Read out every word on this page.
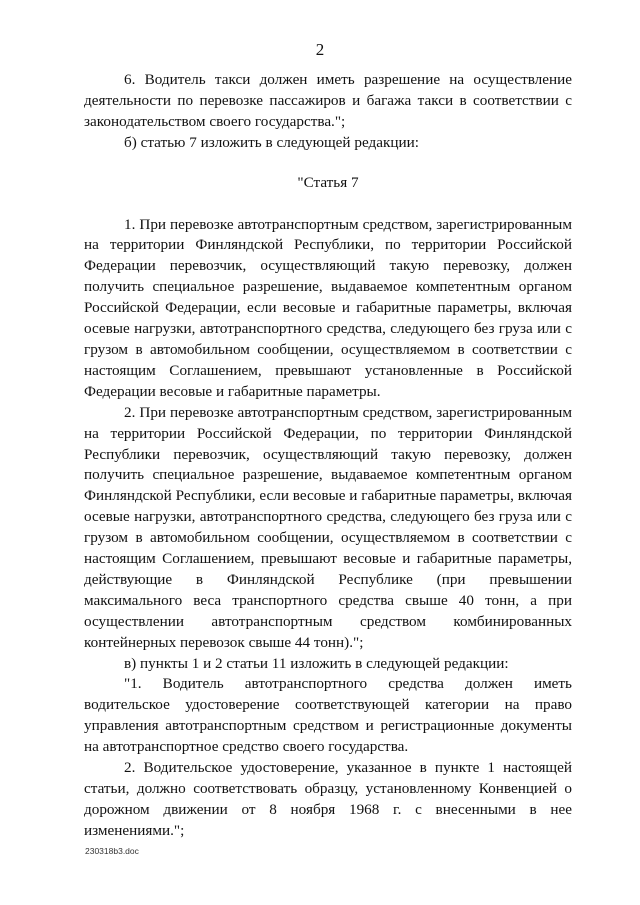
2

6. Водитель такси должен иметь разрешение на осуществление деятельности по перевозке пассажиров и багажа такси в соответствии с законодательством своего государства.";

б) статью 7 изложить в следующей редакции:

"Статья 7

1. При перевозке автотранспортным средством, зарегистрированным на территории Финляндской Республики, по территории Российской Федерации перевозчик, осуществляющий такую перевозку, должен получить специальное разрешение, выдаваемое компетентным органом Российской Федерации, если весовые и габаритные параметры, включая осевые нагрузки, автотранспортного средства, следующего без груза или с грузом в автомобильном сообщении, осуществляемом в соответствии с настоящим Соглашением, превышают установленные в Российской Федерации весовые и габаритные параметры.

2. При перевозке автотранспортным средством, зарегистрированным на территории Российской Федерации, по территории Финляндской Республики перевозчик, осуществляющий такую перевозку, должен получить специальное разрешение, выдаваемое компетентным органом Финляндской Республики, если весовые и габаритные параметры, включая осевые нагрузки, автотранспортного средства, следующего без груза или с грузом в автомобильном сообщении, осуществляемом в соответствии с настоящим Соглашением, превышают весовые и габаритные параметры, действующие в Финляндской Республике (при превышении максимального веса транспортного средства свыше 40 тонн, а при осуществлении автотранспортным средством комбинированных контейнерных перевозок свыше 44 тонн).";

в) пункты 1 и 2 статьи 11 изложить в следующей редакции:

"1. Водитель автотранспортного средства должен иметь водительское удостоверение соответствующей категории на право управления автотранспортным средством и регистрационные документы на автотранспортное средство своего государства.

2. Водительское удостоверение, указанное в пункте 1 настоящей статьи, должно соответствовать образцу, установленному Конвенцией о дорожном движении от 8 ноября 1968 г. с внесенными в нее изменениями.";

230318b3.doc
